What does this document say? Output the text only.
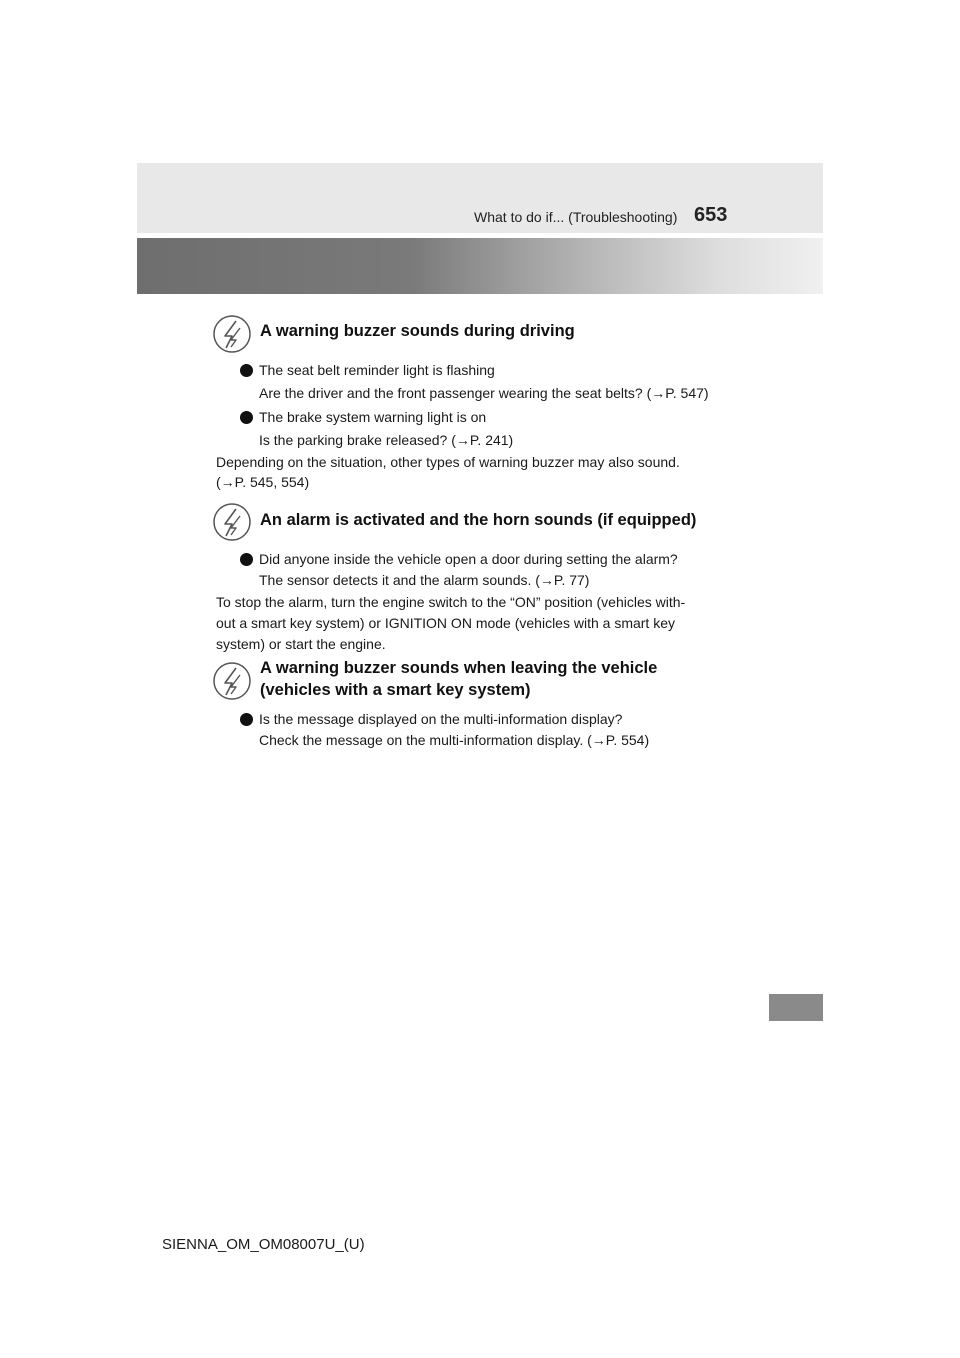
What to do if... (Troubleshooting) 653
A warning buzzer sounds during driving
The seat belt reminder light is flashing
Are the driver and the front passenger wearing the seat belts? (→P. 547)
The brake system warning light is on
Is the parking brake released? (→P. 241)
Depending on the situation, other types of warning buzzer may also sound.
(→P. 545, 554)
An alarm is activated and the horn sounds (if equipped)
Did anyone inside the vehicle open a door during setting the alarm?
The sensor detects it and the alarm sounds. (→P. 77)
To stop the alarm, turn the engine switch to the “ON” position (vehicles with-
out a smart key system) or IGNITION ON mode (vehicles with a smart key
system) or start the engine.
A warning buzzer sounds when leaving the vehicle
(vehicles with a smart key system)
Is the message displayed on the multi-information display?
Check the message on the multi-information display. (→P. 554)
SIENNA_OM_OM08007U_(U)
